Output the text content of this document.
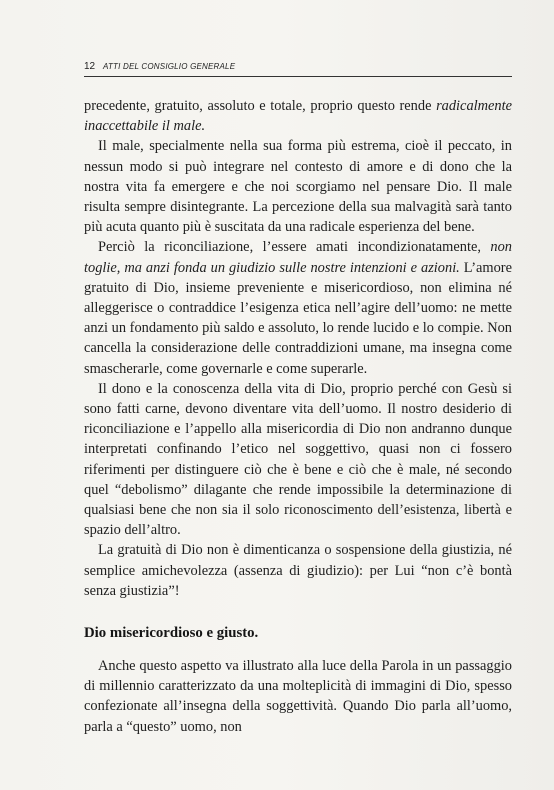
12 ATTI DEL CONSIGLIO GENERALE

precedente, gratuito, assoluto e totale, proprio questo rende radicalmente inaccettabile il male.

Il male, specialmente nella sua forma più estrema, cioè il peccato, in nessun modo si può integrare nel contesto di amore e di dono che la nostra vita fa emergere e che noi scorgiamo nel pensare Dio. Il male risulta sempre disintegrante. La percezione della sua malvagità sarà tanto più acuta quanto più è suscitata da una radicale esperienza del bene.

Perciò la riconciliazione, l’essere amati incondizionatamente, non toglie, ma anzi fonda un giudizio sulle nostre intenzioni e azioni. L’amore gratuito di Dio, insieme preveniente e misericordioso, non elimina né alleggerisce o contraddice l’esigenza etica nell’agire dell’uomo: ne mette anzi un fondamento più saldo e assoluto, lo rende lucido e lo compie. Non cancella la considerazione delle contraddizioni umane, ma insegna come smascherarle, come governarle e come superarle.

Il dono e la conoscenza della vita di Dio, proprio perché con Gesù si sono fatti carne, devono diventare vita dell’uomo. Il nostro desiderio di riconciliazione e l’appello alla misericordia di Dio non andranno dunque interpretati confinando l’etico nel soggettivo, quasi non ci fossero riferimenti per distinguere ciò che è bene e ciò che è male, né secondo quel “debolismo” dilagante che rende impossibile la determinazione di qualsiasi bene che non sia il solo riconoscimento dell’esistenza, libertà e spazio dell’altro.

La gratuità di Dio non è dimenticanza o sospensione della giustizia, né semplice amichevolezza (assenza di giudizio): per Lui “non c’è bontà senza giustizia”!

Dio misericordioso e giusto.

Anche questo aspetto va illustrato alla luce della Parola in un passaggio di millennio caratterizzato da una molteplicità di immagini di Dio, spesso confezionate all’insegna della soggettività. Quando Dio parla all’uomo, parla a “questo” uomo, non
